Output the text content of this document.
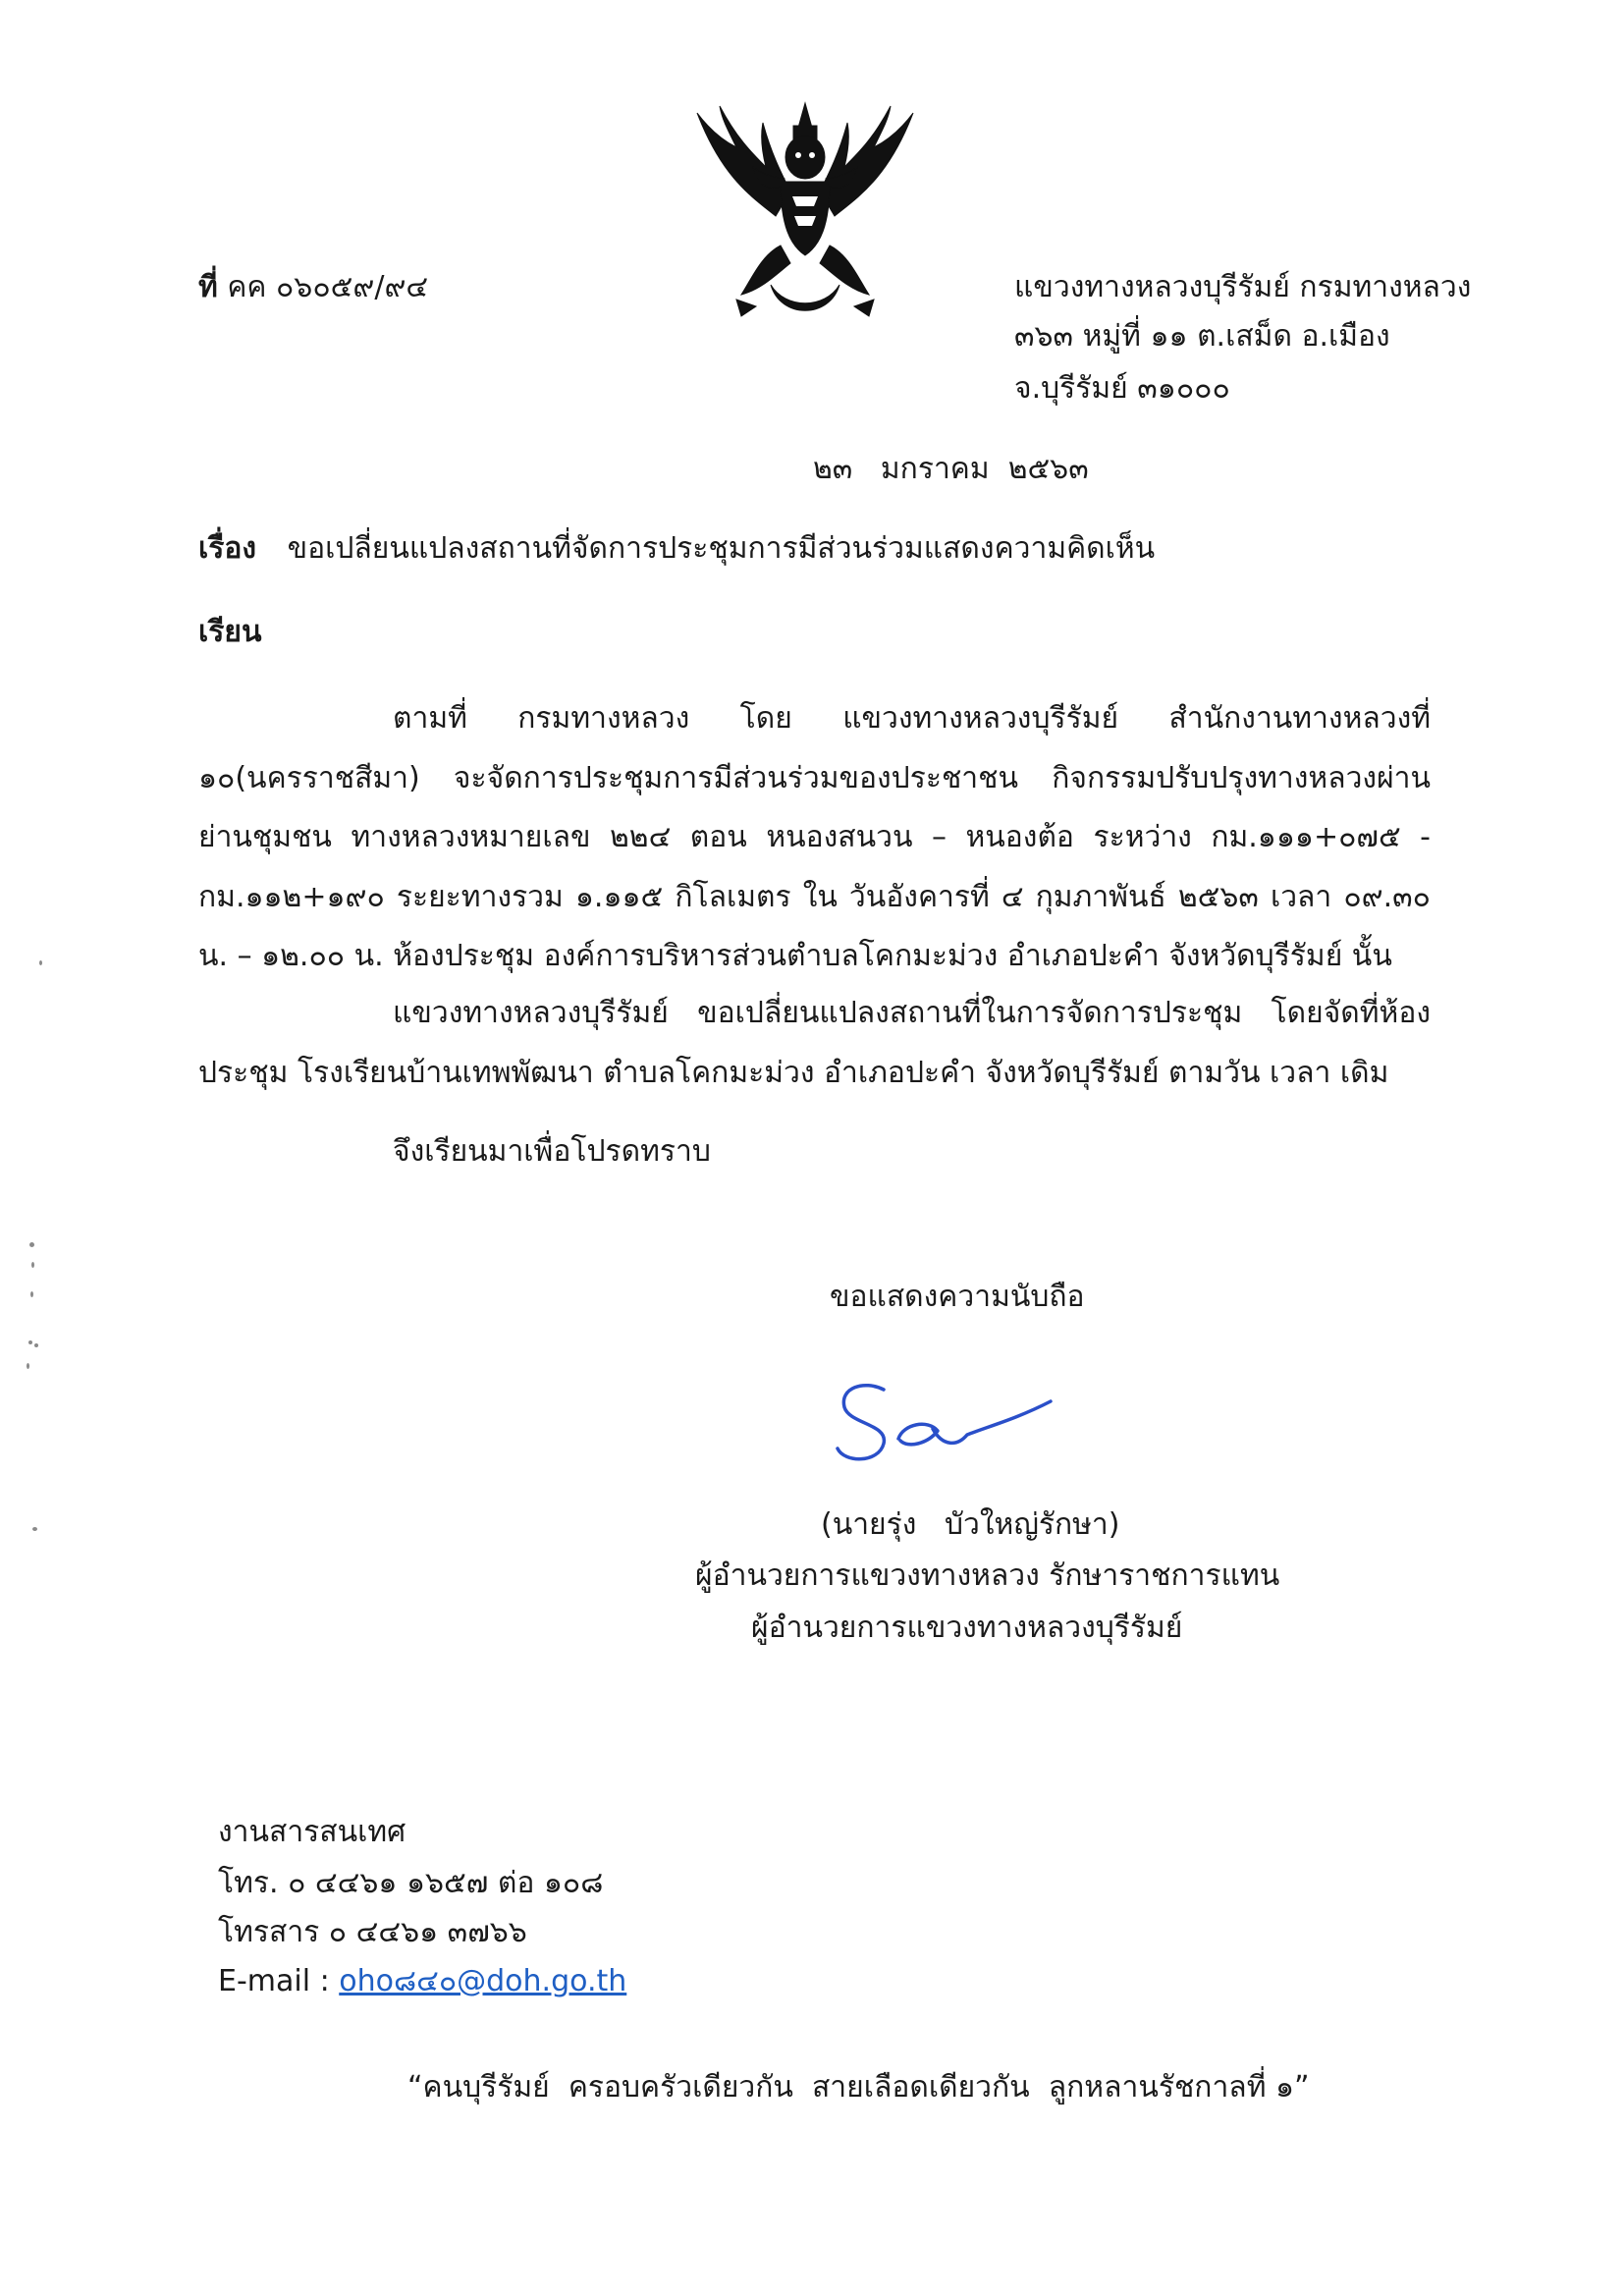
ที่ คค ๐๖๐๕๙/๙๔	แขวงทางหลวงบุรีรัมย์ กรมทางหลวง
๓๖๓ หมู่ที่ ๑๑ ต.เสม็ด อ.เมือง
จ.บุรีรัมย์ ๓๑๐๐๐
๒๓   มกราคม  ๒๕๖๓
เรื่อง ขอเปลี่ยนแปลงสถานที่จัดการประชุมการมีส่วนร่วมแสดงความคิดเห็น
เรียน
ตามที่ กรมทางหลวง โดย แขวงทางหลวงบุรีรัมย์ สำนักงานทางหลวงที่ ๑๐(นครราชสีมา) จะจัดการประชุมการมีส่วนร่วมของประชาชน กิจกรรมปรับปรุงทางหลวงผ่านย่านชุมชน ทางหลวงหมายเลข ๒๒๔ ตอน หนองสนวน – หนองต้อ ระหว่าง กม.๑๑๑+๐๗๕ - กม.๑๑๒+๑๙๐ ระยะทางรวม ๑.๑๑๕ กิโลเมตร ใน วันอังคารที่ ๔ กุมภาพันธ์ ๒๕๖๓ เวลา ๐๙.๓๐ น. – ๑๒.๐๐ น. ห้องประชุม องค์การบริหารส่วนตำบลโคกมะม่วง อำเภอปะคำ จังหวัดบุรีรัมย์ นั้น
แขวงทางหลวงบุรีรัมย์ ขอเปลี่ยนแปลงสถานที่ในการจัดการประชุม โดยจัดที่ห้องประชุม โรงเรียนบ้านเทพพัฒนา ตำบลโคกมะม่วง อำเภอปะคำ จังหวัดบุรีรัมย์ ตามวัน เวลา เดิม
จึงเรียนมาเพื่อโปรดทราบ
ขอแสดงความนับถือ
(นายรุ่ง   บัวใหญ่รักษา)
ผู้อำนวยการแขวงทางหลวง รักษาราชการแทน
ผู้อำนวยการแขวงทางหลวงบุรีรัมย์
งานสารสนเทศ
โทร. ๐ ๔๔๖๑ ๑๖๕๗ ต่อ ๑๐๘
โทรสาร ๐ ๔๔๖๑ ๓๗๖๖
E-mail : oho๘๔๐@doh.go.th
“คนบุรีรัมย์  ครอบครัวเดียวกัน  สายเลือดเดียวกัน  ลูกหลานรัชกาลที่ ๑”
